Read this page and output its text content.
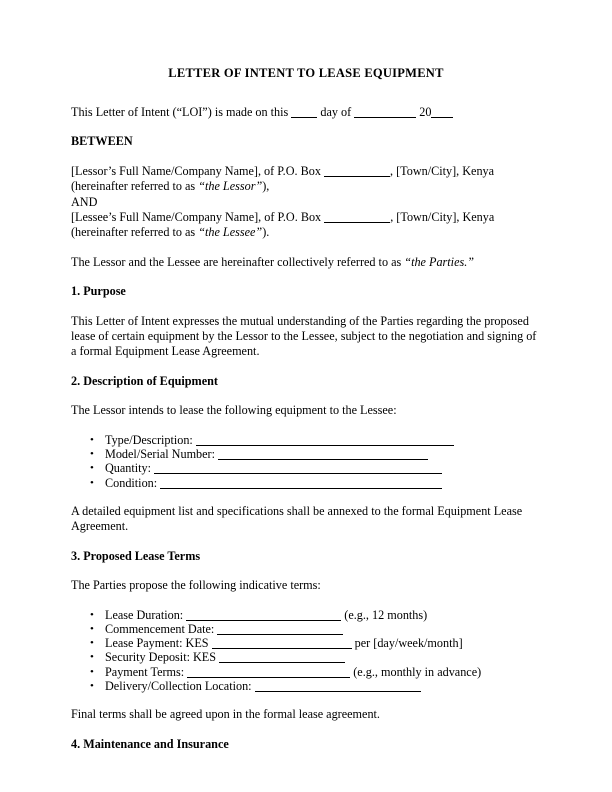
LETTER OF INTENT TO LEASE EQUIPMENT

This Letter of Intent (“LOI”) is made on this	day of	20

BETWEEN

[Lessor’s Full Name/Company Name], of P.O. Box	, [Town/City], Kenya

(hereinafter referred to as “the Lessor”),

AND

[Lessee’s Full Name/Company Name], of P.O. Box	, [Town/City], Kenya

(hereinafter referred to as “the Lessee”).

The Lessor and the Lessee are hereinafter collectively referred to as “the Parties.”

1. Purpose

This Letter of Intent expresses the mutual understanding of the Parties regarding the proposed lease of certain equipment by the Lessor to the Lessee, subject to the negotiation and signing of a formal Equipment Lease Agreement.

2. Description of Equipment

The Lessor intends to lease the following equipment to the Lessee:

• Type/Description:
• Model/Serial Number:
• Quantity:
• Condition:

A detailed equipment list and specifications shall be annexed to the formal Equipment Lease Agreement.

3. Proposed Lease Terms

The Parties propose the following indicative terms:

• Lease Duration:	(e.g., 12 months)
• Commencement Date:
• Lease Payment: KES	per [day/week/month]
• Security Deposit: KES
• Payment Terms:	(e.g., monthly in advance)
• Delivery/Collection Location:

Final terms shall be agreed upon in the formal lease agreement.

4. Maintenance and Insurance
